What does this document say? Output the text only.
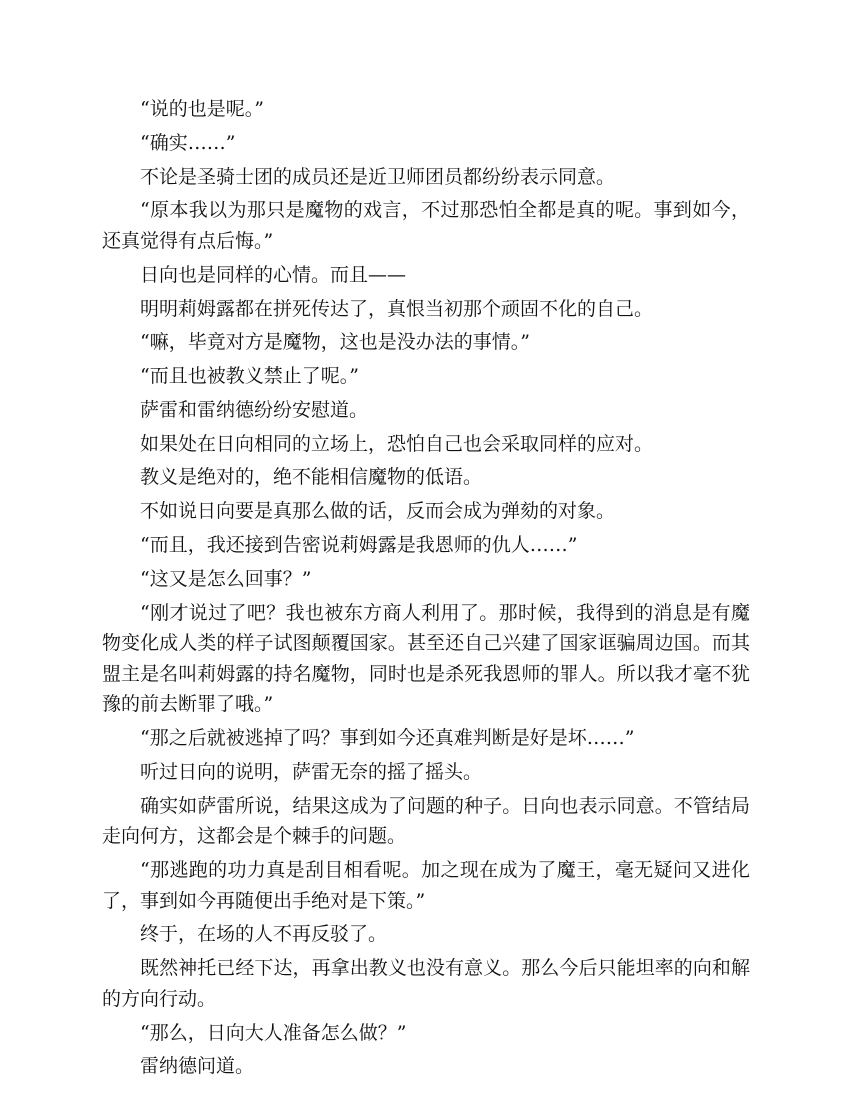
“说的也是呢。”

“确实……”

不论是圣骑士团的成员还是近卫师团员都纷纷表示同意。

“原本我以为那只是魔物的戏言，不过那恐怕全都是真的呢。事到如今，还真觉得有点后悔。”

日向也是同样的心情。而且——

明明莉姆露都在拼死传达了，真恨当初那个顽固不化的自己。

“嘛，毕竟对方是魔物，这也是没办法的事情。”

“而且也被教义禁止了呢。”

萨雷和雷纳德纷纷安慰道。

如果处在日向相同的立场上，恐怕自己也会采取同样的应对。

教义是绝对的，绝不能相信魔物的低语。

不如说日向要是真那么做的话，反而会成为弹劾的对象。

“而且，我还接到告密说莉姆露是我恩师的仇人……”

“这又是怎么回事？”

“刚才说过了吧？我也被东方商人利用了。那时候，我得到的消息是有魔物变化成人类的样子试图颠覆国家。甚至还自己兴建了国家诓骗周边国。而其盟主是名叫莉姆露的持名魔物，同时也是杀死我恩师的罪人。所以我才毫不犹豫的前去断罪了哦。”

“那之后就被逃掉了吗？事到如今还真难判断是好是坏……”

听过日向的说明，萨雷无奈的摇了摇头。

确实如萨雷所说，结果这成为了问题的种子。日向也表示同意。不管结局走向何方，这都会是个棘手的问题。

“那逃跑的功力真是刮目相看呢。加之现在成为了魔王，毫无疑问又进化了，事到如今再随便出手绝对是下策。”

终于，在场的人不再反驳了。

既然神托已经下达，再拿出教义也没有意义。那么今后只能坦率的向和解的方向行动。

“那么，日向大人准备怎么做？”

雷纳德问道。
